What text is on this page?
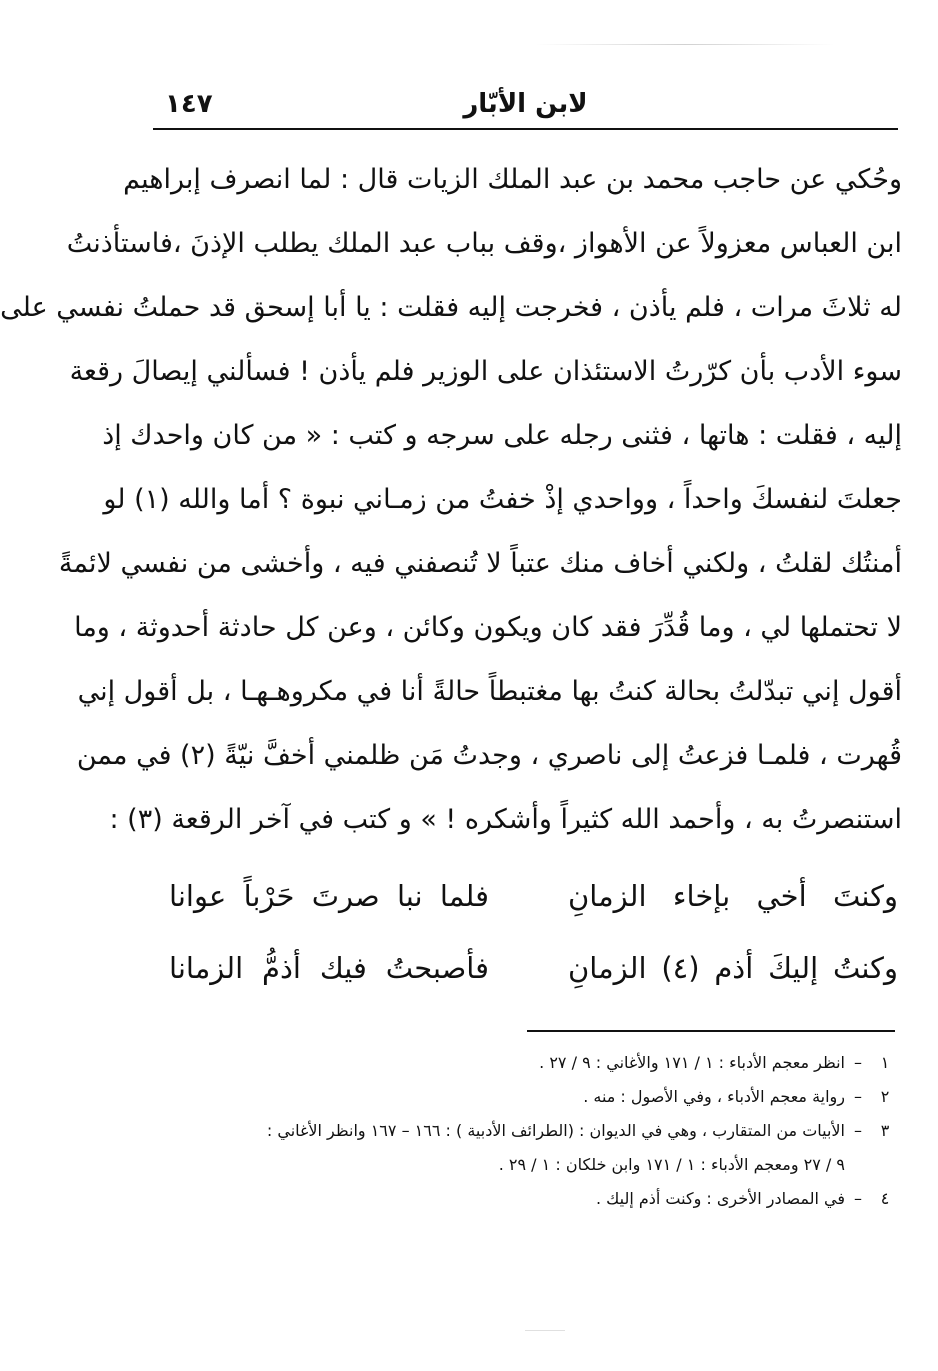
لابن الأبّار
١٤٧
وحُكي عن حاجب محمد بن عبد الملك الزيات قال : لما انصرف إبراهيم
ابن العباس معزولاً عن الأهواز ،وقف بباب عبد الملك يطلب الإذنَ ،فاستأذنتُ
له ثلاثَ مرات ، فلم يأذن ، فخرجت إليه فقلت : يا أبا إسحق قد حملتُ نفسي على
سوء الأدب بأن كرّرتُ الاستئذان على الوزير فلم يأذن ! فسألني إيصالَ رقعة
إليه ، فقلت : هاتها ، فثنى رجله على سرجه و كتب : « من كان واحدك إذ
جعلتَ لنفسكَ واحداً ، وواحدي إذْ خفتُ من زمـاني نبوة ؟ أما والله (١) لو
أمنتُك لقلتُ ، ولكني أخاف منك عتباً لا تُنصفني فيه ، وأخشى من نفسي لائمةً
لا تحتملها لي ، وما قُدِّرَ فقد كان ويكون وكائن ، وعن كل حادثة أحدوثة ، وما
أقول إني تبدّلتُ بحالة كنتُ بها مغتبطاً حالةً أنا في مكروهـهـا ، بل أقول إني
قُهرت ، فلمـا فزعتُ إلى ناصري ، وجدتُ مَن ظلمني أخفَّ نيّةً (٢) في ممن
استنصرتُ به ، وأحمد الله كثيراً وأشكره ! » و كتب في آخر الرقعة (٣) :
وكنتَ أخي بإخاء الزمانِ
فلما نبا صرتَ حَرْباً عوانا
وكنتُ إليكَ أذم (٤) الزمانِ
فأصبحتُ فيك أذمُّ الزمانا
١
–
انظر معجم الأدباء : ١ / ١٧١ والأغاني : ٩ / ٢٧ .
٢
–
رواية معجم الأدباء ، وفي الأصول : منه .
٣
–
الأبيات من المتقارب ، وهي في الديوان : (الطرائف الأدبية ) : ١٦٦ – ١٦٧ وانظر الأغاني :
٩ / ٢٧ ومعجم الأدباء : ١ / ١٧١ وابن خلكان : ١ / ٢٩ .
٤
–
في المصادر الأخرى : وكنت أذم إليك .
